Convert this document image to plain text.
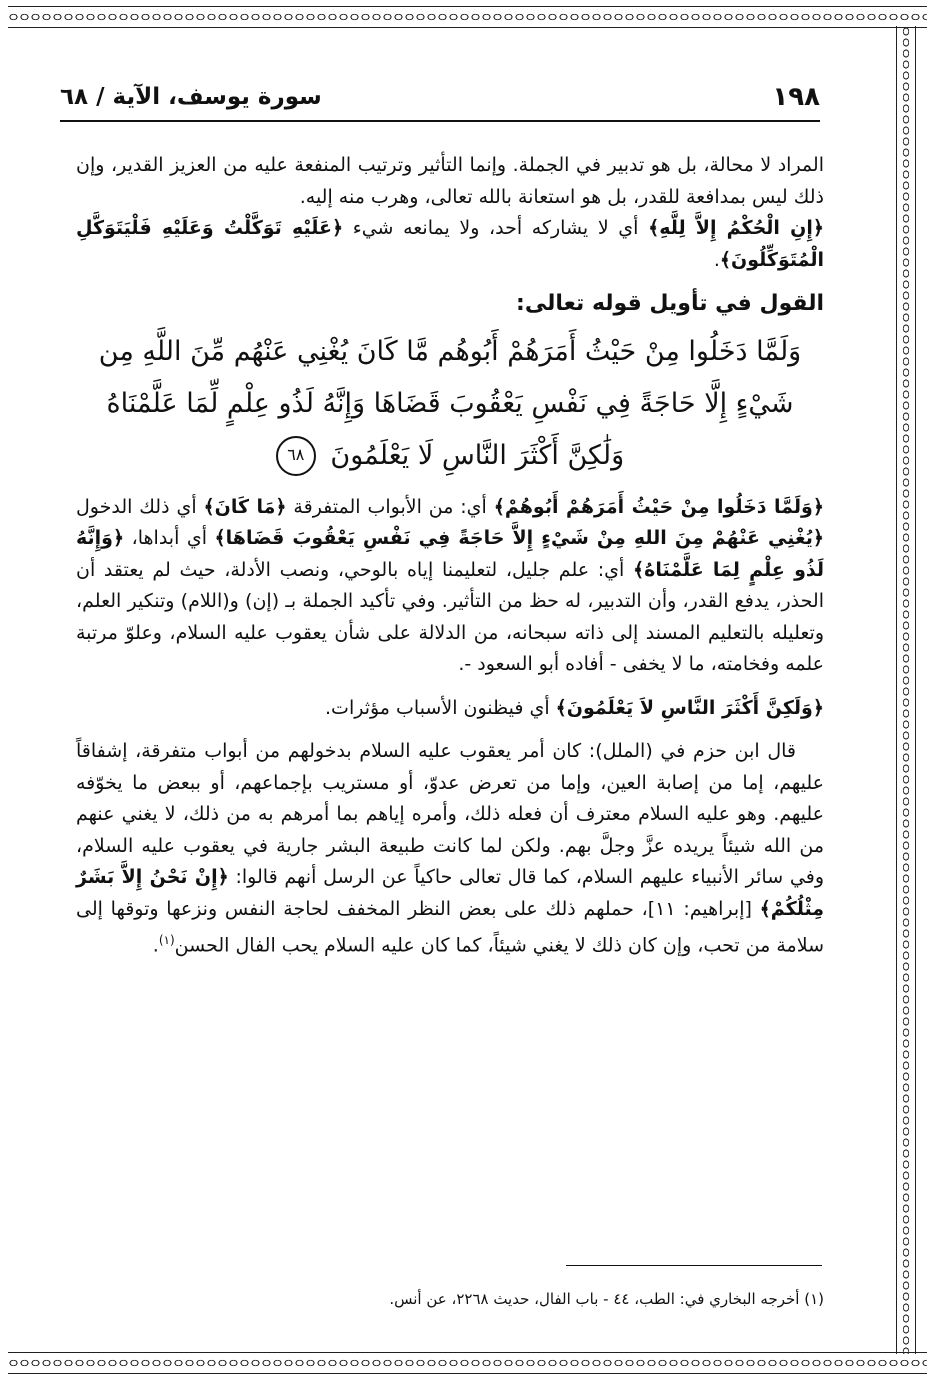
١٩٨
سورة يوسف، الآية / ٦٨

المراد لا محالة، بل هو تدبير في الجملة. وإنما التأثير وترتيب المنفعة عليه من العزيز القدير، وإن ذلك ليس بمدافعة للقدر، بل هو استعانة بالله تعالى، وهرب منه إليه.

﴿إِنِ الْحُكْمُ إِلاَّ لِلَّهِ﴾ أي لا يشاركه أحد، ولا يمانعه شيء ﴿عَلَيْهِ تَوَكَّلْتُ وَعَلَيْهِ فَلْيَتَوَكَّلِ الْمُتَوَكِّلُونَ﴾.

القول في تأويل قوله تعالى:

وَلَمَّا دَخَلُوا مِنْ حَيْثُ أَمَرَهُمْ أَبُوهُم مَّا كَانَ يُغْنِي عَنْهُم مِّنَ اللَّهِ مِن شَيْءٍ إِلَّا حَاجَةً فِي نَفْسِ يَعْقُوبَ قَضَاهَا وَإِنَّهُ لَذُو عِلْمٍ لِّمَا عَلَّمْنَاهُ وَلَٰكِنَّ أَكْثَرَ النَّاسِ لَا يَعْلَمُونَ ٦٨

﴿وَلَمَّا دَخَلُوا مِنْ حَيْثُ أَمَرَهُمْ أَبُوهُمْ﴾ أي: من الأبواب المتفرقة ﴿مَا كَانَ﴾ أي ذلك الدخول ﴿يُغْنِي عَنْهُمْ مِنَ اللهِ مِنْ شَيْءٍ إِلاَّ حَاجَةً فِي نَفْسِ يَعْقُوبَ قَضَاهَا﴾ أي أبداها، ﴿وَإِنَّهُ لَذُو عِلْمٍ لِمَا عَلَّمْنَاهُ﴾ أي: علم جليل، لتعليمنا إياه بالوحي، ونصب الأدلة، حيث لم يعتقد أن الحذر، يدفع القدر، وأن التدبير، له حظ من التأثير. وفي تأكيد الجملة بـ (إن) و(اللام) وتنكير العلم، وتعليله بالتعليم المسند إلى ذاته سبحانه، من الدلالة على شأن يعقوب عليه السلام، وعلوّ مرتبة علمه وفخامته، ما لا يخفى - أفاده أبو السعود -.

﴿وَلَكِنَّ أَكْثَرَ النَّاسِ لاَ يَعْلَمُونَ﴾ أي فيظنون الأسباب مؤثرات.

قال ابن حزم في (الملل): كان أمر يعقوب عليه السلام بدخولهم من أبواب متفرقة، إشفاقاً عليهم، إما من إصابة العين، وإما من تعرض عدوّ، أو مستريب بإجماعهم، أو ببعض ما يخوّفه عليهم. وهو عليه السلام معترف أن فعله ذلك، وأمره إياهم بما أمرهم به من ذلك، لا يغني عنهم من الله شيئاً يريده عزَّ وجلَّ بهم. ولكن لما كانت طبيعة البشر جارية في يعقوب عليه السلام، وفي سائر الأنبياء عليهم السلام، كما قال تعالى حاكياً عن الرسل أنهم قالوا: ﴿إِنْ نَحْنُ إِلاَّ بَشَرٌ مِثْلُكُمْ﴾ [إبراهيم: ١١]، حملهم ذلك على بعض النظر المخفف لحاجة النفس ونزعها وتوقها إلى سلامة من تحب، وإن كان ذلك لا يغني شيئاً، كما كان عليه السلام يحب الفال الحسن$^{(١)}$.

(١) أخرجه البخاري في: الطب، ٤٤ - باب الفال، حديث ٢٢٦٨، عن أنس.
